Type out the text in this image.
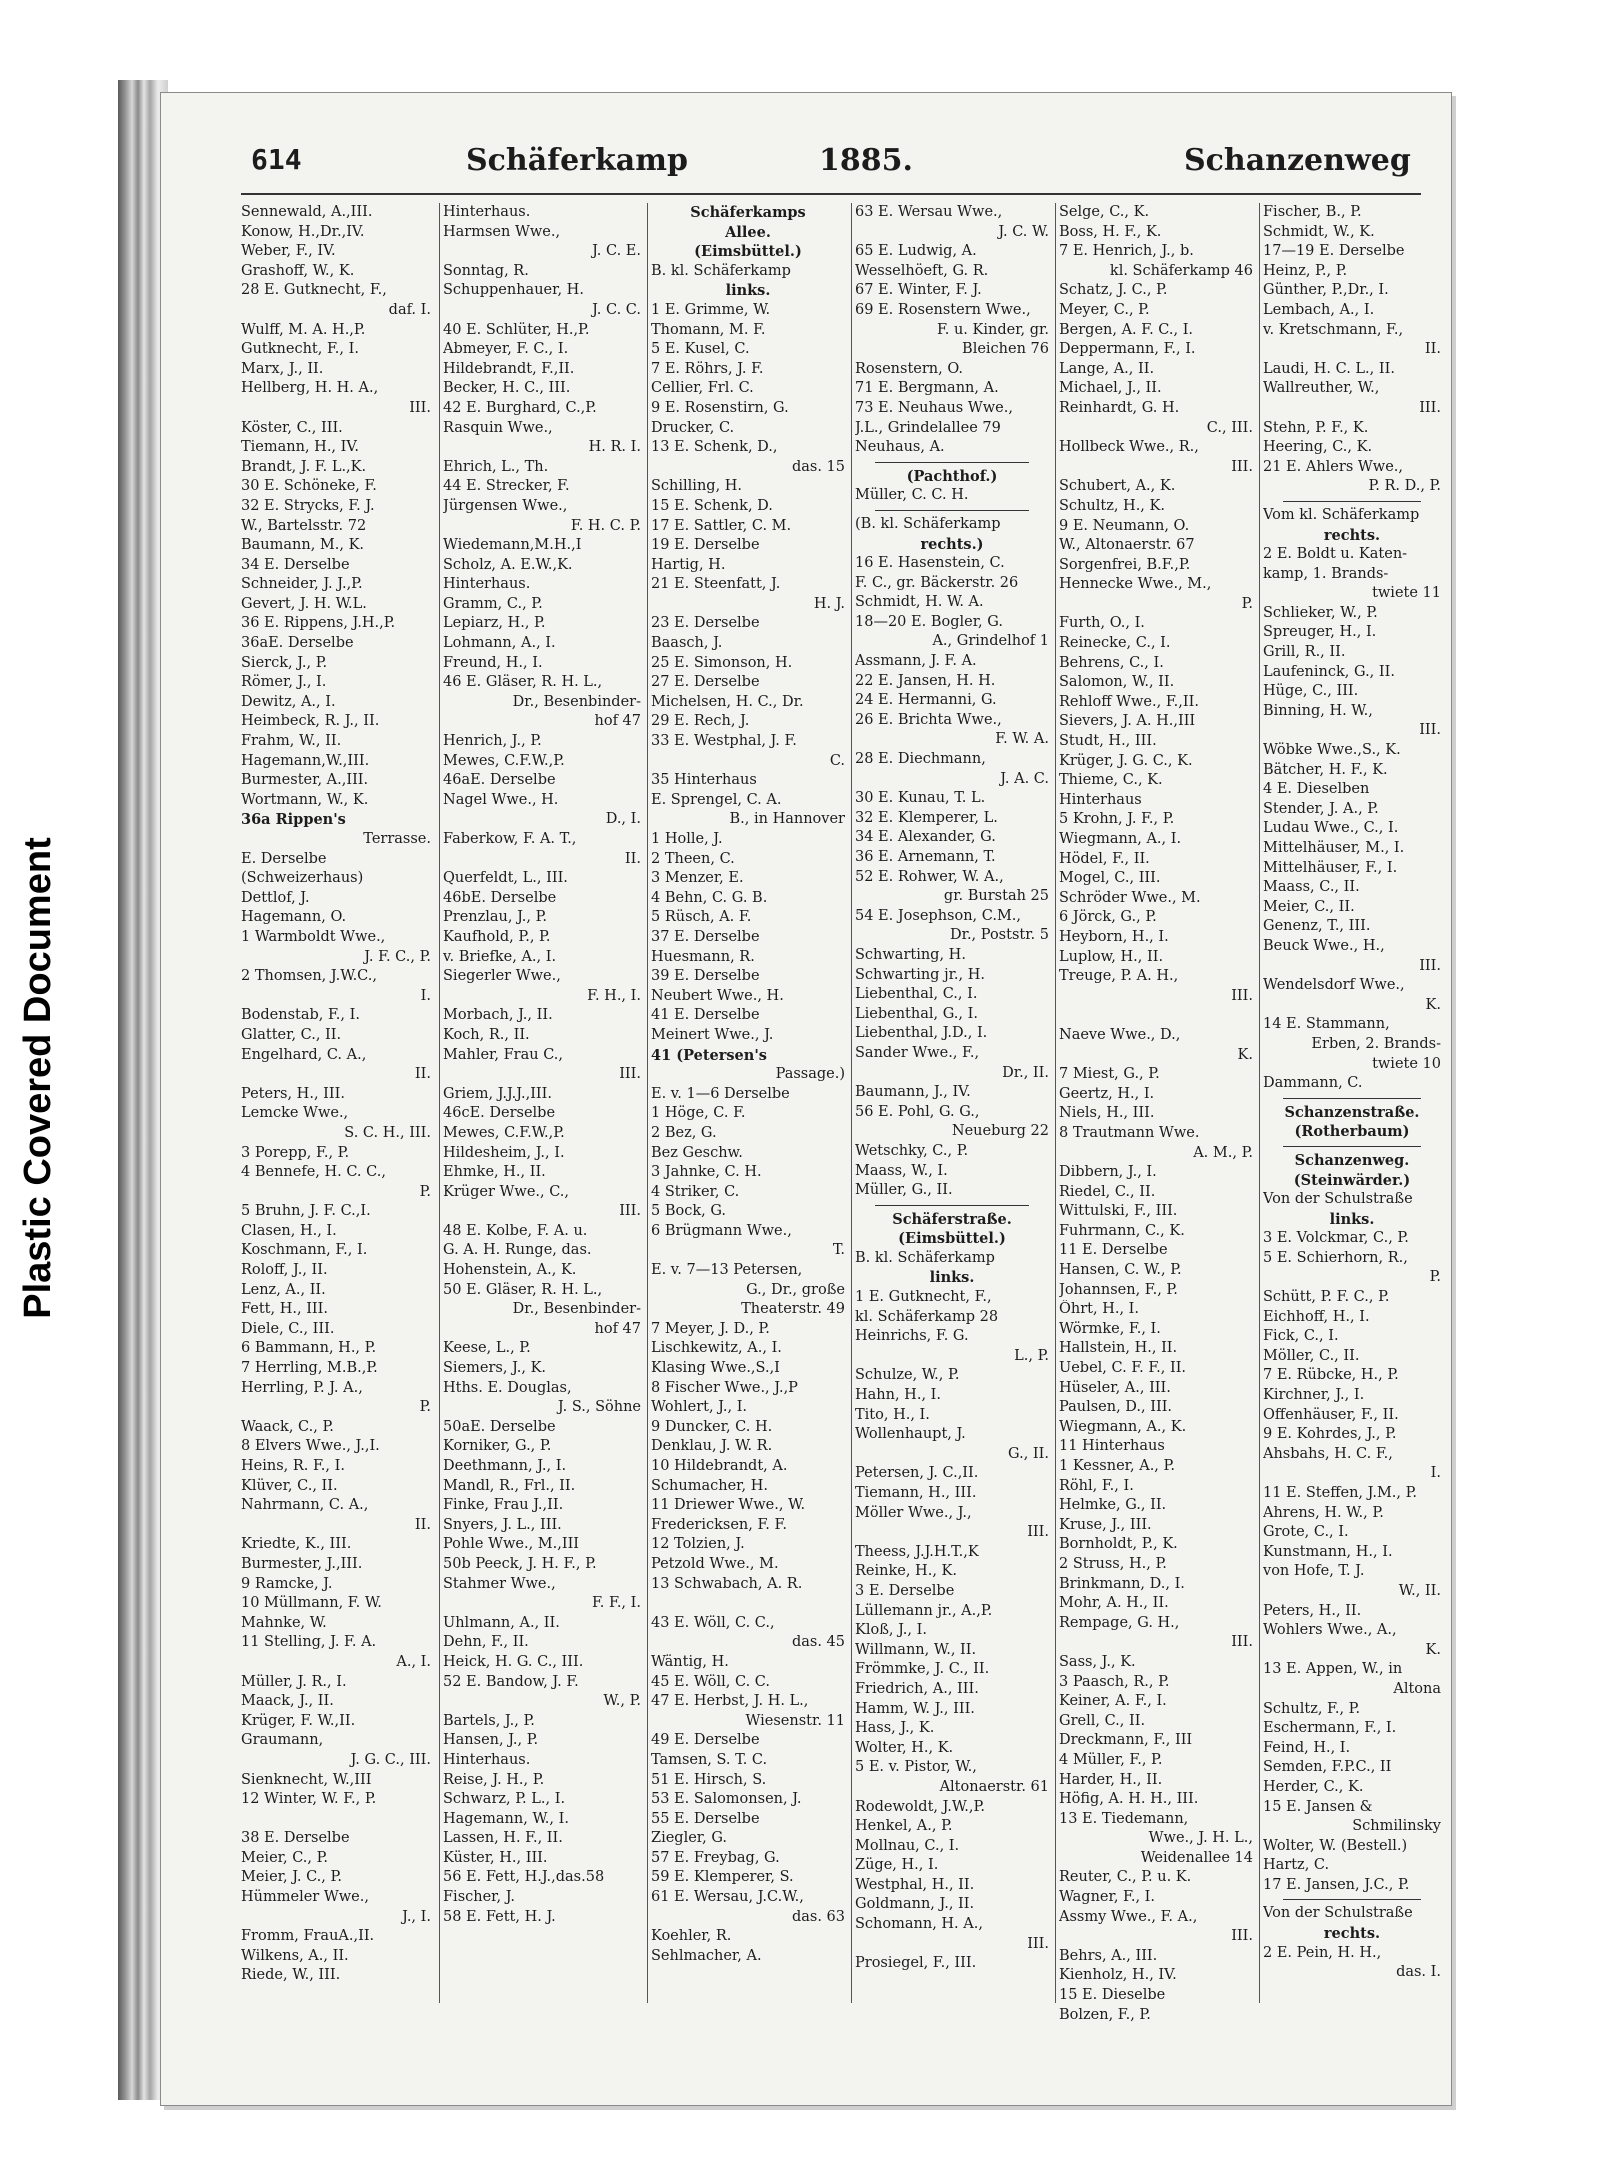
Plastic Covered Document
614	Schäferkamp	1885.	Schanzenweg
Sennewald, A.,III.
Konow, H.,Dr.,IV.
Weber, F., IV.
Grashoff, W., K.
28 E. Gutknecht, F.,
daf. I.
Wulff, M. A. H.,P.
Gutknecht, F., I.
Marx, J., II.
Hellberg, H. H. A.,
III.
Köster, C., III.
Tiemann, H., IV.
Brandt, J. F. L.,K.
30 E. Schöneke, F.
32 E. Strycks, F. J.
W., Bartelsstr. 72
Baumann, M., K.
34 E. Derselbe
Schneider, J. J.,P.
Gevert, J. H. W.L.
36 E. Rippens, J.H.,P.
36aE. Derselbe
Sierck, J., P.
Römer, J., I.
Dewitz, A., I.
Heimbeck, R. J., II.
Frahm, W., II.
Hagemann,W.,III.
Burmester, A.,III.
Wortmann, W., K.
36a Rippen's
Terrasse.
E. Derselbe
(Schweizerhaus)
Dettlof, J.
Hagemann, O.
1 Warmboldt Wwe.,
J. F. C., P.
2 Thomsen, J.W.C.,
I.
Bodenstab, F., I.
Glatter, C., II.
Engelhard, C. A.,
II.
Peters, H., III.
Lemcke Wwe.,
S. C. H., III.
3 Porepp, F., P.
4 Bennefe, H. C. C.,
P.
5 Bruhn, J. F. C.,I.
Clasen, H., I.
Koschmann, F., I.
Roloff, J., II.
Lenz, A., II.
Fett, H., III.
Diele, C., III.
6 Bammann, H., P.
7 Herrling, M.B.,P.
Herrling, P. J. A.,
P.
Waack, C., P.
8 Elvers Wwe., J.,I.
Heins, R. F., I.
Klüver, C., II.
Nahrmann, C. A.,
II.
Kriedte, K., III.
Burmester, J.,III.
9 Ramcke, J.
10 Müllmann, F. W.
Mahnke, W.
11 Stelling, J. F. A.
A., I.
Müller, J. R., I.
Maack, J., II.
Krüger, F. W.,II.
Graumann,
J. G. C., III.
Sienknecht, W.,III
12 Winter, W. F., P.

38 E. Derselbe
Meier, C., P.
Meier, J. C., P.
Hümmeler Wwe.,
J., I.
Fromm, FrauA.,II.
Wilkens, A., II.
Riede, W., III.
Hinterhaus.
Harmsen Wwe.,
J. C. E.
Sonntag, R.
Schuppenhauer, H.
J. C. C.
40 E. Schlüter, H.,P.
Abmeyer, F. C., I.
Hildebrandt, F.,II.
Becker, H. C., III.
42 E. Burghard, C.,P.
Rasquin Wwe.,
H. R. I.
Ehrich, L., Th.
44 E. Strecker, F.
Jürgensen Wwe.,
F. H. C. P.
Wiedemann,M.H.,I
Scholz, A. E.W.,K.
Hinterhaus.
Gramm, C., P.
Lepiarz, H., P.
Lohmann, A., I.
Freund, H., I.
46 E. Gläser, R. H. L.,
Dr., Besenbinder-
hof 47
Henrich, J., P.
Mewes, C.F.W.,P.
46aE. Derselbe
Nagel Wwe., H.
D., I.
Faberkow, F. A. T.,
II.
Querfeldt, L., III.
46bE. Derselbe
Prenzlau, J., P.
Kaufhold, P., P.
v. Briefke, A., I.
Siegerler Wwe.,
F. H., I.
Morbach, J., II.
Koch, R., II.
Mahler, Frau C.,
III.
Griem, J.J.J.,III.
46cE. Derselbe
Mewes, C.F.W.,P.
Hildesheim, J., I.
Ehmke, H., II.
Krüger Wwe., C.,
III.
48 E. Kolbe, F. A. u.
G. A. H. Runge, das.
Hohenstein, A., K.
50 E. Gläser, R. H. L.,
Dr., Besenbinder-
hof 47
Keese, L., P.
Siemers, J., K.
Hths. E. Douglas,
J. S., Söhne
50aE. Derselbe
Korniker, G., P.
Deethmann, J., I.
Mandl, R., Frl., II.
Finke, Frau J.,II.
Snyers, J. L., III.
Pohle Wwe., M.,III
50b Peeck, J. H. F., P.
Stahmer Wwe.,
F. F., I.
Uhlmann, A., II.
Dehn, F., II.
Heick, H. G. C., III.
52 E. Bandow, J. F.
W., P.
Bartels, J., P.
Hansen, J., P.
Hinterhaus.
Reise, J. H., P.
Schwarz, P. L., I.
Hagemann, W., I.
Lassen, H. F., II.
Küster, H., III.
56 E. Fett, H.J.,das.58
Fischer, J.
58 E. Fett, H. J.
Schäferkamps
Allee.
(Eimsbüttel.)
B. kl. Schäferkamp
links.
1 E. Grimme, W.
Thomann, M. F.
5 E. Kusel, C.
7 E. Röhrs, J. F.
Cellier, Frl. C.
9 E. Rosenstirn, G.
Drucker, C.
13 E. Schenk, D.,
das. 15
Schilling, H.
15 E. Schenk, D.
17 E. Sattler, C. M.
19 E. Derselbe
Hartig, H.
21 E. Steenfatt, J.
H. J.
23 E. Derselbe
Baasch, J.
25 E. Simonson, H.
27 E. Derselbe
Michelsen, H. C., Dr.
29 E. Rech, J.
33 E. Westphal, J. F.
C.
35 Hinterhaus
E. Sprengel, C. A.
B., in Hannover
1 Holle, J.
2 Theen, C.
3 Menzer, E.
4 Behn, C. G. B.
5 Rüsch, A. F.
37 E. Derselbe
Huesmann, R.
39 E. Derselbe
Neubert Wwe., H.
41 E. Derselbe
Meinert Wwe., J.
41 (Petersen's
Passage.)
E. v. 1—6 Derselbe
1 Höge, C. F.
2 Bez, G.
Bez Geschw.
3 Jahnke, C. H.
4 Striker, C.
5 Bock, G.
6 Brügmann Wwe.,
T.
E. v. 7—13 Petersen,
G., Dr., große
Theaterstr. 49
7 Meyer, J. D., P.
Lischkewitz, A., I.
Klasing Wwe.,S.,I
8 Fischer Wwe., J.,P
Wohlert, J., I.
9 Duncker, C. H.
Denklau, J. W. R.
10 Hildebrandt, A.
Schumacher, H.
11 Driewer Wwe., W.
Fredericksen, F. F.
12 Tolzien, J.
Petzold Wwe., M.
13 Schwabach, A. R.

43 E. Wöll, C. C.,
das. 45
Wäntig, H.
45 E. Wöll, C. C.
47 E. Herbst, J. H. L.,
Wiesenstr. 11
49 E. Derselbe
Tamsen, S. T. C.
51 E. Hirsch, S.
53 E. Salomonsen, J.
55 E. Derselbe
Ziegler, G.
57 E. Freybag, G.
59 E. Klemperer, S.
61 E. Wersau, J.C.W.,
das. 63
Koehler, R.
Sehlmacher, A.
63 E. Wersau Wwe.,
J. C. W.
65 E. Ludwig, A.
Wesselhöeft, G. R.
67 E. Winter, F. J.
69 E. Rosenstern Wwe.,
F. u. Kinder, gr.
Bleichen 76
Rosenstern, O.
71 E. Bergmann, A.
73 E. Neuhaus Wwe.,
J.L., Grindelallee 79
Neuhaus, A.
(Pachthof.)
Müller, C. C. H.
(B. kl. Schäferkamp
rechts.)
16 E. Hasenstein, C.
F. C., gr. Bäckerstr. 26
Schmidt, H. W. A.
18—20 E. Bogler, G.
A., Grindelhof 1
Assmann, J. F. A.
22 E. Jansen, H. H.
24 E. Hermanni, G.
26 E. Brichta Wwe.,
F. W. A.
28 E. Diechmann,
J. A. C.
30 E. Kunau, T. L.
32 E. Klemperer, L.
34 E. Alexander, G.
36 E. Arnemann, T.
52 E. Rohwer, W. A.,
gr. Burstah 25
54 E. Josephson, C.M.,
Dr., Poststr. 5
Schwarting, H.
Schwarting jr., H.
Liebenthal, C., I.
Liebenthal, G., I.
Liebenthal, J.D., I.
Sander Wwe., F.,
Dr., II.
Baumann, J., IV.
56 E. Pohl, G. G.,
Neueburg 22
Wetschky, C., P.
Maass, W., I.
Müller, G., II.
Schäferstraße.
(Eimsbüttel.)
B. kl. Schäferkamp
links.
1 E. Gutknecht, F.,
kl. Schäferkamp 28
Heinrichs, F. G.
L., P.
Schulze, W., P.
Hahn, H., I.
Tito, H., I.
Wollenhaupt, J.
G., II.
Petersen, J. C.,II.
Tiemann, H., III.
Möller Wwe., J.,
III.
Theess, J.J.H.T.,K
Reinke, H., K.
3 E. Derselbe
Lüllemann jr., A.,P.
Kloß, J., I.
Willmann, W., II.
Frömmke, J. C., II.
Friedrich, A., III.
Hamm, W. J., III.
Hass, J., K.
Wolter, H., K.
5 E. v. Pistor, W.,
Altonaerstr. 61
Rodewoldt, J.W.,P.
Henkel, A., P.
Mollnau, C., I.
Züge, H., I.
Westphal, H., II.
Goldmann, J., II.
Schomann, H. A.,
III.
Prosiegel, F., III.
Selge, C., K.
Boss, H. F., K.
7 E. Henrich, J., b.
kl. Schäferkamp 46
Schatz, J. C., P.
Meyer, C., P.
Bergen, A. F. C., I.
Deppermann, F., I.
Lange, A., II.
Michael, J., II.
Reinhardt, G. H.
C., III.
Hollbeck Wwe., R.,
III.
Schubert, A., K.
Schultz, H., K.
9 E. Neumann, O.
W., Altonaerstr. 67
Sorgenfrei, B.F.,P.
Hennecke Wwe., M.,
P.
Furth, O., I.
Reinecke, C., I.
Behrens, C., I.
Salomon, W., II.
Rehloff Wwe., F.,II.
Sievers, J. A. H.,III
Studt, H., III.
Krüger, J. G. C., K.
Thieme, C., K.
Hinterhaus
5 Krohn, J. F., P.
Wiegmann, A., I.
Hödel, F., II.
Mogel, C., III.
Schröder Wwe., M.
6 Jörck, G., P.
Heyborn, H., I.
Luplow, H., II.
Treuge, P. A. H.,
III.

Naeve Wwe., D.,
K.
7 Miest, G., P.
Geertz, H., I.
Niels, H., III.
8 Trautmann Wwe.
A. M., P.
Dibbern, J., I.
Riedel, C., II.
Wittulski, F., III.
Fuhrmann, C., K.
11 E. Derselbe
Hansen, C. W., P.
Johannsen, F., P.
Öhrt, H., I.
Wörmke, F., I.
Hallstein, H., II.
Uebel, C. F. F., II.
Hüseler, A., III.
Paulsen, D., III.
Wiegmann, A., K.
11 Hinterhaus
1 Kessner, A., P.
Röhl, F., I.
Helmke, G., II.
Kruse, J., III.
Bornholdt, P., K.
2 Struss, H., P.
Brinkmann, D., I.
Mohr, A. H., II.
Rempage, G. H.,
III.
Sass, J., K.
3 Paasch, R., P.
Keiner, A. F., I.
Grell, C., II.
Dreckmann, F., III
4 Müller, F., P.
Harder, H., II.
Höfig, A. H. H., III.
13 E. Tiedemann,
Wwe., J. H. L.,
Weidenallee 14
Reuter, C., P. u. K.
Wagner, F., I.
Assmy Wwe., F. A.,
III.
Behrs, A., III.
Kienholz, H., IV.
15 E. Dieselbe
Bolzen, F., P.
Fischer, B., P.
Schmidt, W., K.
17—19 E. Derselbe
Heinz, P., P.
Günther, P.,Dr., I.
Lembach, A., I.
v. Kretschmann, F.,
II.
Laudi, H. C. L., II.
Wallreuther, W.,
III.
Stehn, P. F., K.
Heering, C., K.
21 E. Ahlers Wwe.,
P. R. D., P.
Vom kl. Schäferkamp
rechts.
2 E. Boldt u. Katen-
kamp, 1. Brands-
twiete 11
Schlieker, W., P.
Spreuger, H., I.
Grill, R., II.
Laufeninck, G., II.
Hüge, C., III.
Binning, H. W.,
III.
Wöbke Wwe.,S., K.
Bätcher, H. F., K.
4 E. Dieselben
Stender, J. A., P.
Ludau Wwe., C., I.
Mittelhäuser, M., I.
Mittelhäuser, F., I.
Maass, C., II.
Meier, C., II.
Genenz, T., III.
Beuck Wwe., H.,
III.
Wendelsdorf Wwe.,
K.
14 E. Stammann,
Erben, 2. Brands-
twiete 10
Dammann, C.
Schanzenstraße.
(Rotherbaum)
Schanzenweg.
(Steinwärder.)
Von der Schulstraße
links.
3 E. Volckmar, C., P.
5 E. Schierhorn, R.,
P.
Schütt, P. F. C., P.
Eichhoff, H., I.
Fick, C., I.
Möller, C., II.
7 E. Rübcke, H., P.
Kirchner, J., I.
Offenhäuser, F., II.
9 E. Kohrdes, J., P.
Ahsbahs, H. C. F.,
I.
11 E. Steffen, J.M., P.
Ahrens, H. W., P.
Grote, C., I.
Kunstmann, H., I.
von Hofe, T. J.
W., II.
Peters, H., II.
Wohlers Wwe., A.,
K.
13 E. Appen, W., in
Altona
Schultz, F., P.
Eschermann, F., I.
Feind, H., I.
Semden, F.P.C., II
Herder, C., K.
15 E. Jansen &
Schmilinsky
Wolter, W. (Bestell.)
Hartz, C.
17 E. Jansen, J.C., P.
Von der Schulstraße
rechts.
2 E. Pein, H. H.,
das. I.
